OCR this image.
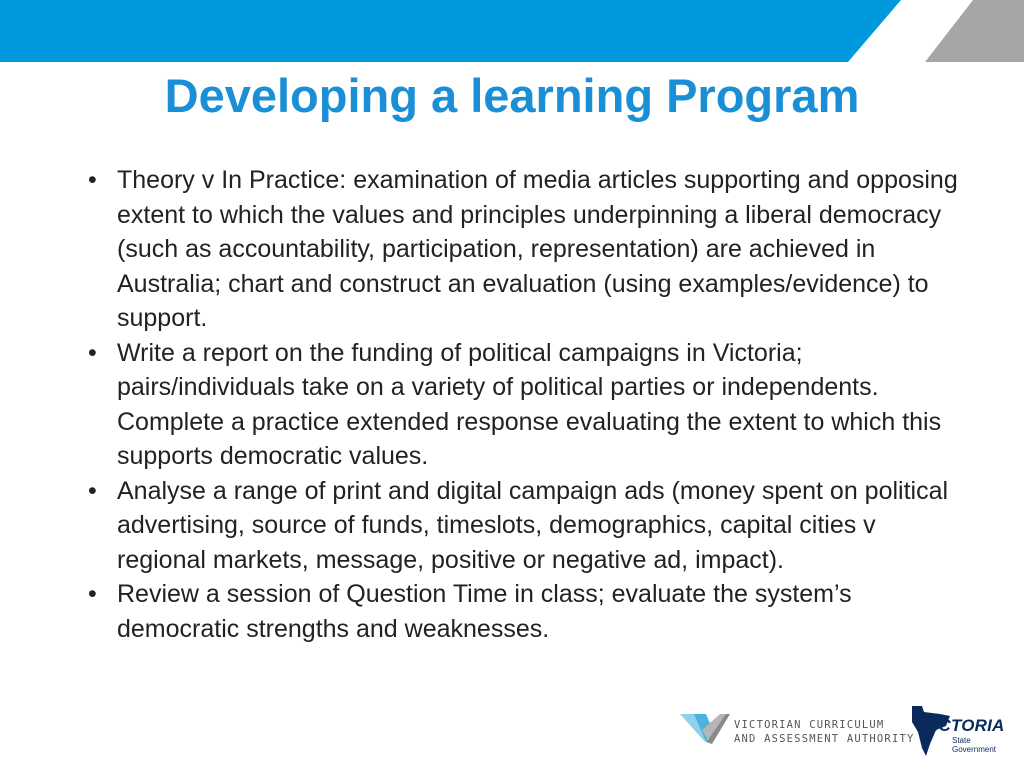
Developing a learning Program
• Theory v In Practice: examination of media articles supporting and opposing extent to which the values and principles underpinning a liberal democracy (such as accountability, participation, representation) are achieved in Australia; chart and construct an evaluation (using examples/evidence) to support.
• Write a report on the funding of political campaigns in Victoria; pairs/individuals take on a variety of political parties or independents. Complete a practice extended response evaluating the extent to which this supports democratic values.
• Analyse a range of print and digital campaign ads (money spent on political advertising, source of funds, timeslots, demographics, capital cities v regional markets, message, positive or negative ad, impact).
• Review a session of Question Time in class; evaluate the system’s democratic strengths and weaknesses.
VICTORIAN CURRICULUM
AND ASSESSMENT AUTHORITY
VICTORIA
State
Government
